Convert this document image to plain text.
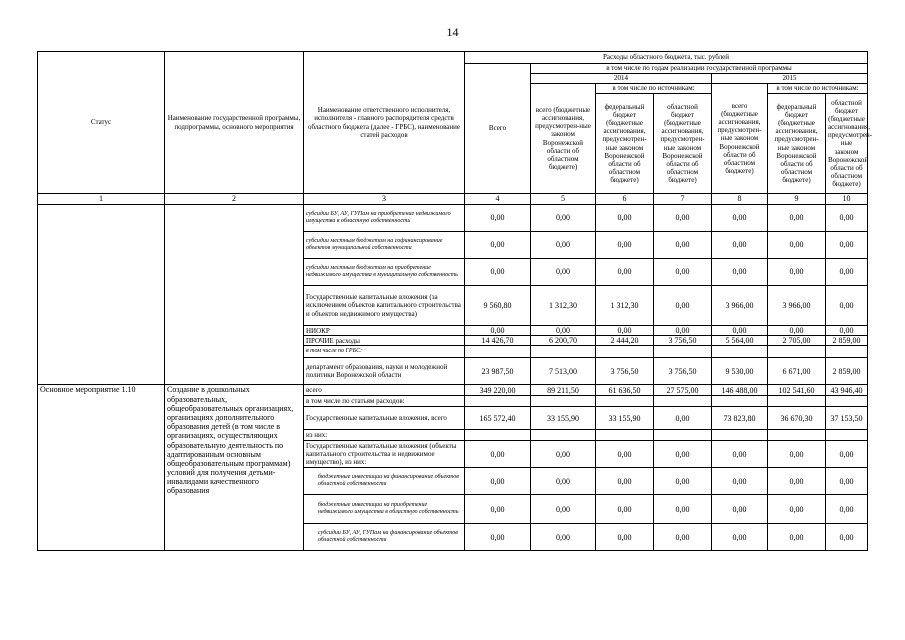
14
Статус	Наименование государственной программы, подпрограммы, основного мероприятия	Наименование ответственного исполнителя, исполнителя - главного распорядителя средств областного бюджета (далее - ГРБС), наименование статей расходов	Расходы областного бюджета, тыс. рублей						
			Всего	в том числе по годам реализации государственной программы					
				2014			2015		
				всего (бюджетные ассигнования, предусмотрен-ные законом Воронежской области об областном бюджете)	в том числе по источникам:		всего (бюджетные ассигнования, предусмотрен-ные законом Воронежской области об областном бюджете)	в том числе по источникам:	
					федеральный бюджет (бюджетные ассигнования, предусмотрен-ные законом Воронежской области об областном бюджете)	областной бюджет (бюджетные ассигнования, предусмотрен-ные законом Воронежской области об областном бюджете)		федеральный бюджет (бюджетные ассигнования, предусмотрен-ные законом Воронежской области об областном бюджете)	областной бюджет (бюджетные ассигнования, предусмотрен-ные законом Воронежской области об областном бюджете)
1	2	3	4	5	6	7	8	9	10
		субсидии БУ, АУ, ГУПам на приобретение недвижимого имущества в областную собственность	0,00	0,00	0,00	0,00	0,00	0,00	0,00
		субсидии местным бюджетам на софинансирование объектов муниципальной собственности	0,00	0,00	0,00	0,00	0,00	0,00	0,00
		субсидии местным бюджетам на приобретение недвижимого имущества в муниципальную собственность	0,00	0,00	0,00	0,00	0,00	0,00	0,00
		Государственные капитальные вложения (за исключением объектов капитального строительства и объектов недвижимого имущества)	9 560,80	1 312,30	1 312,30	0,00	3 966,00	3 966,00	0,00
		НИОКР	0,00	0,00	0,00	0,00	0,00	0,00	0,00
		ПРОЧИЕ расходы	14 426,70	6 200,70	2 444,20	3 756,50	5 564,00	2 705,00	2 859,00
		в том числе по ГРБС:							
		департамент образования, науки и молодежной политики Воронежской области	23 987,50	7 513,00	3 756,50	3 756,50	9 530,00	6 671,00	2 859,00
Основное мероприятие 1.10	Создание в дошкольных образовательных, общеобразовательных организациях, организациях дополнительного образования детей (в том числе в организациях, осуществляющих образовательную деятельность по адаптированным основным общеобразовательным программам) условий для получения детьми-инвалидами качественного образования	всего	349 220,00	89 211,50	61 636,50	27 575,00	146 488,00	102 541,60	43 946,40
		в том числе по статьям расходов:							
		Государственные капитальные вложения, всего	165 572,40	33 155,90	33 155,90	0,00	73 823,80	36 670,30	37 153,50
		из них:							
		Государственные капитальные вложения (объекты капитального строительства и недвижимое имущество), из них:	0,00	0,00	0,00	0,00	0,00	0,00	0,00
		бюджетные инвестиции на финансирование объектов областной собственности	0,00	0,00	0,00	0,00	0,00	0,00	0,00
		бюджетные инвестиции на приобретение недвижимого имущества в областную собственность	0,00	0,00	0,00	0,00	0,00	0,00	0,00
		субсидии БУ, АУ, ГУПам на финансирование объектов областной собственности	0,00	0,00	0,00	0,00	0,00	0,00	0,00
